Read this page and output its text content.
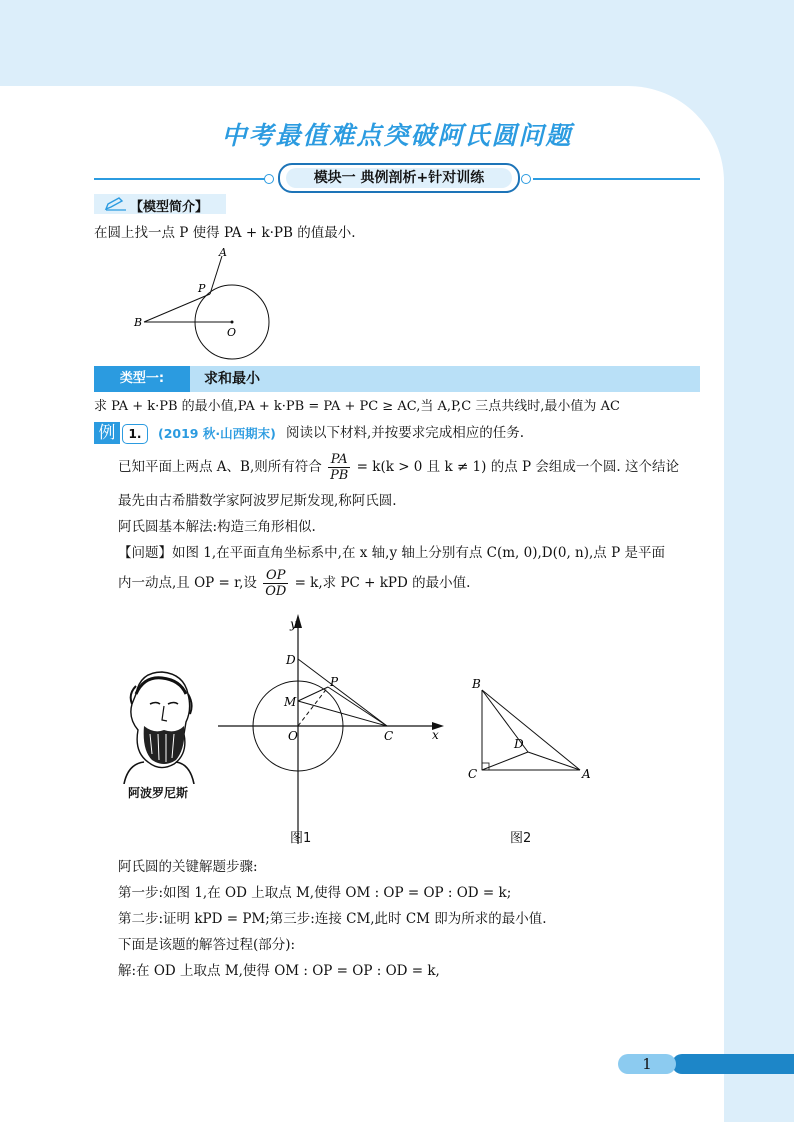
中考最值难点突破阿氏圆问题
模块一 典例剖析+针对训练
【模型简介】
在圆上找一点 P 使得 PA + k·PB 的值最小.
A
P
B
O
类型一:	求和最小
求 PA + k·PB 的最小值,PA + k·PB = PA + PC ≥ AC,当 A,P,C 三点共线时,最小值为 AC
例	1.	(2019 秋·山西期末) 阅读以下材料,并按要求完成相应的任务.
已知平面上两点 A、B,则所有符合 $\frac{PA}{PB} = k(k > 0$ 且 k ≠ 1) 的点 P 会组成一个圆. 这个结论
最先由古希腊数学家阿波罗尼斯发现,称阿氏圆.
阿氏圆基本解法:构造三角形相似.
【问题】如图 1,在平面直角坐标系中,在 x 轴,y 轴上分别有点 C(m, 0),D(0, n),点 P 是平面
内一动点,且 OP = r,设 $\frac{OP}{OD} = k$,求 PC + kPD 的最小值.
阿波罗尼斯
y
x
D
P
M
O	C
图1
B
D
C	A
图2
阿氏圆的关键解题步骤:
第一步:如图 1,在 OD 上取点 M,使得 OM : OP = OP : OD = k;
第二步:证明 kPD = PM;第三步:连接 CM,此时 CM 即为所求的最小值.
下面是该题的解答过程(部分):
解:在 OD 上取点 M,使得 OM : OP = OP : OD = k,
1
